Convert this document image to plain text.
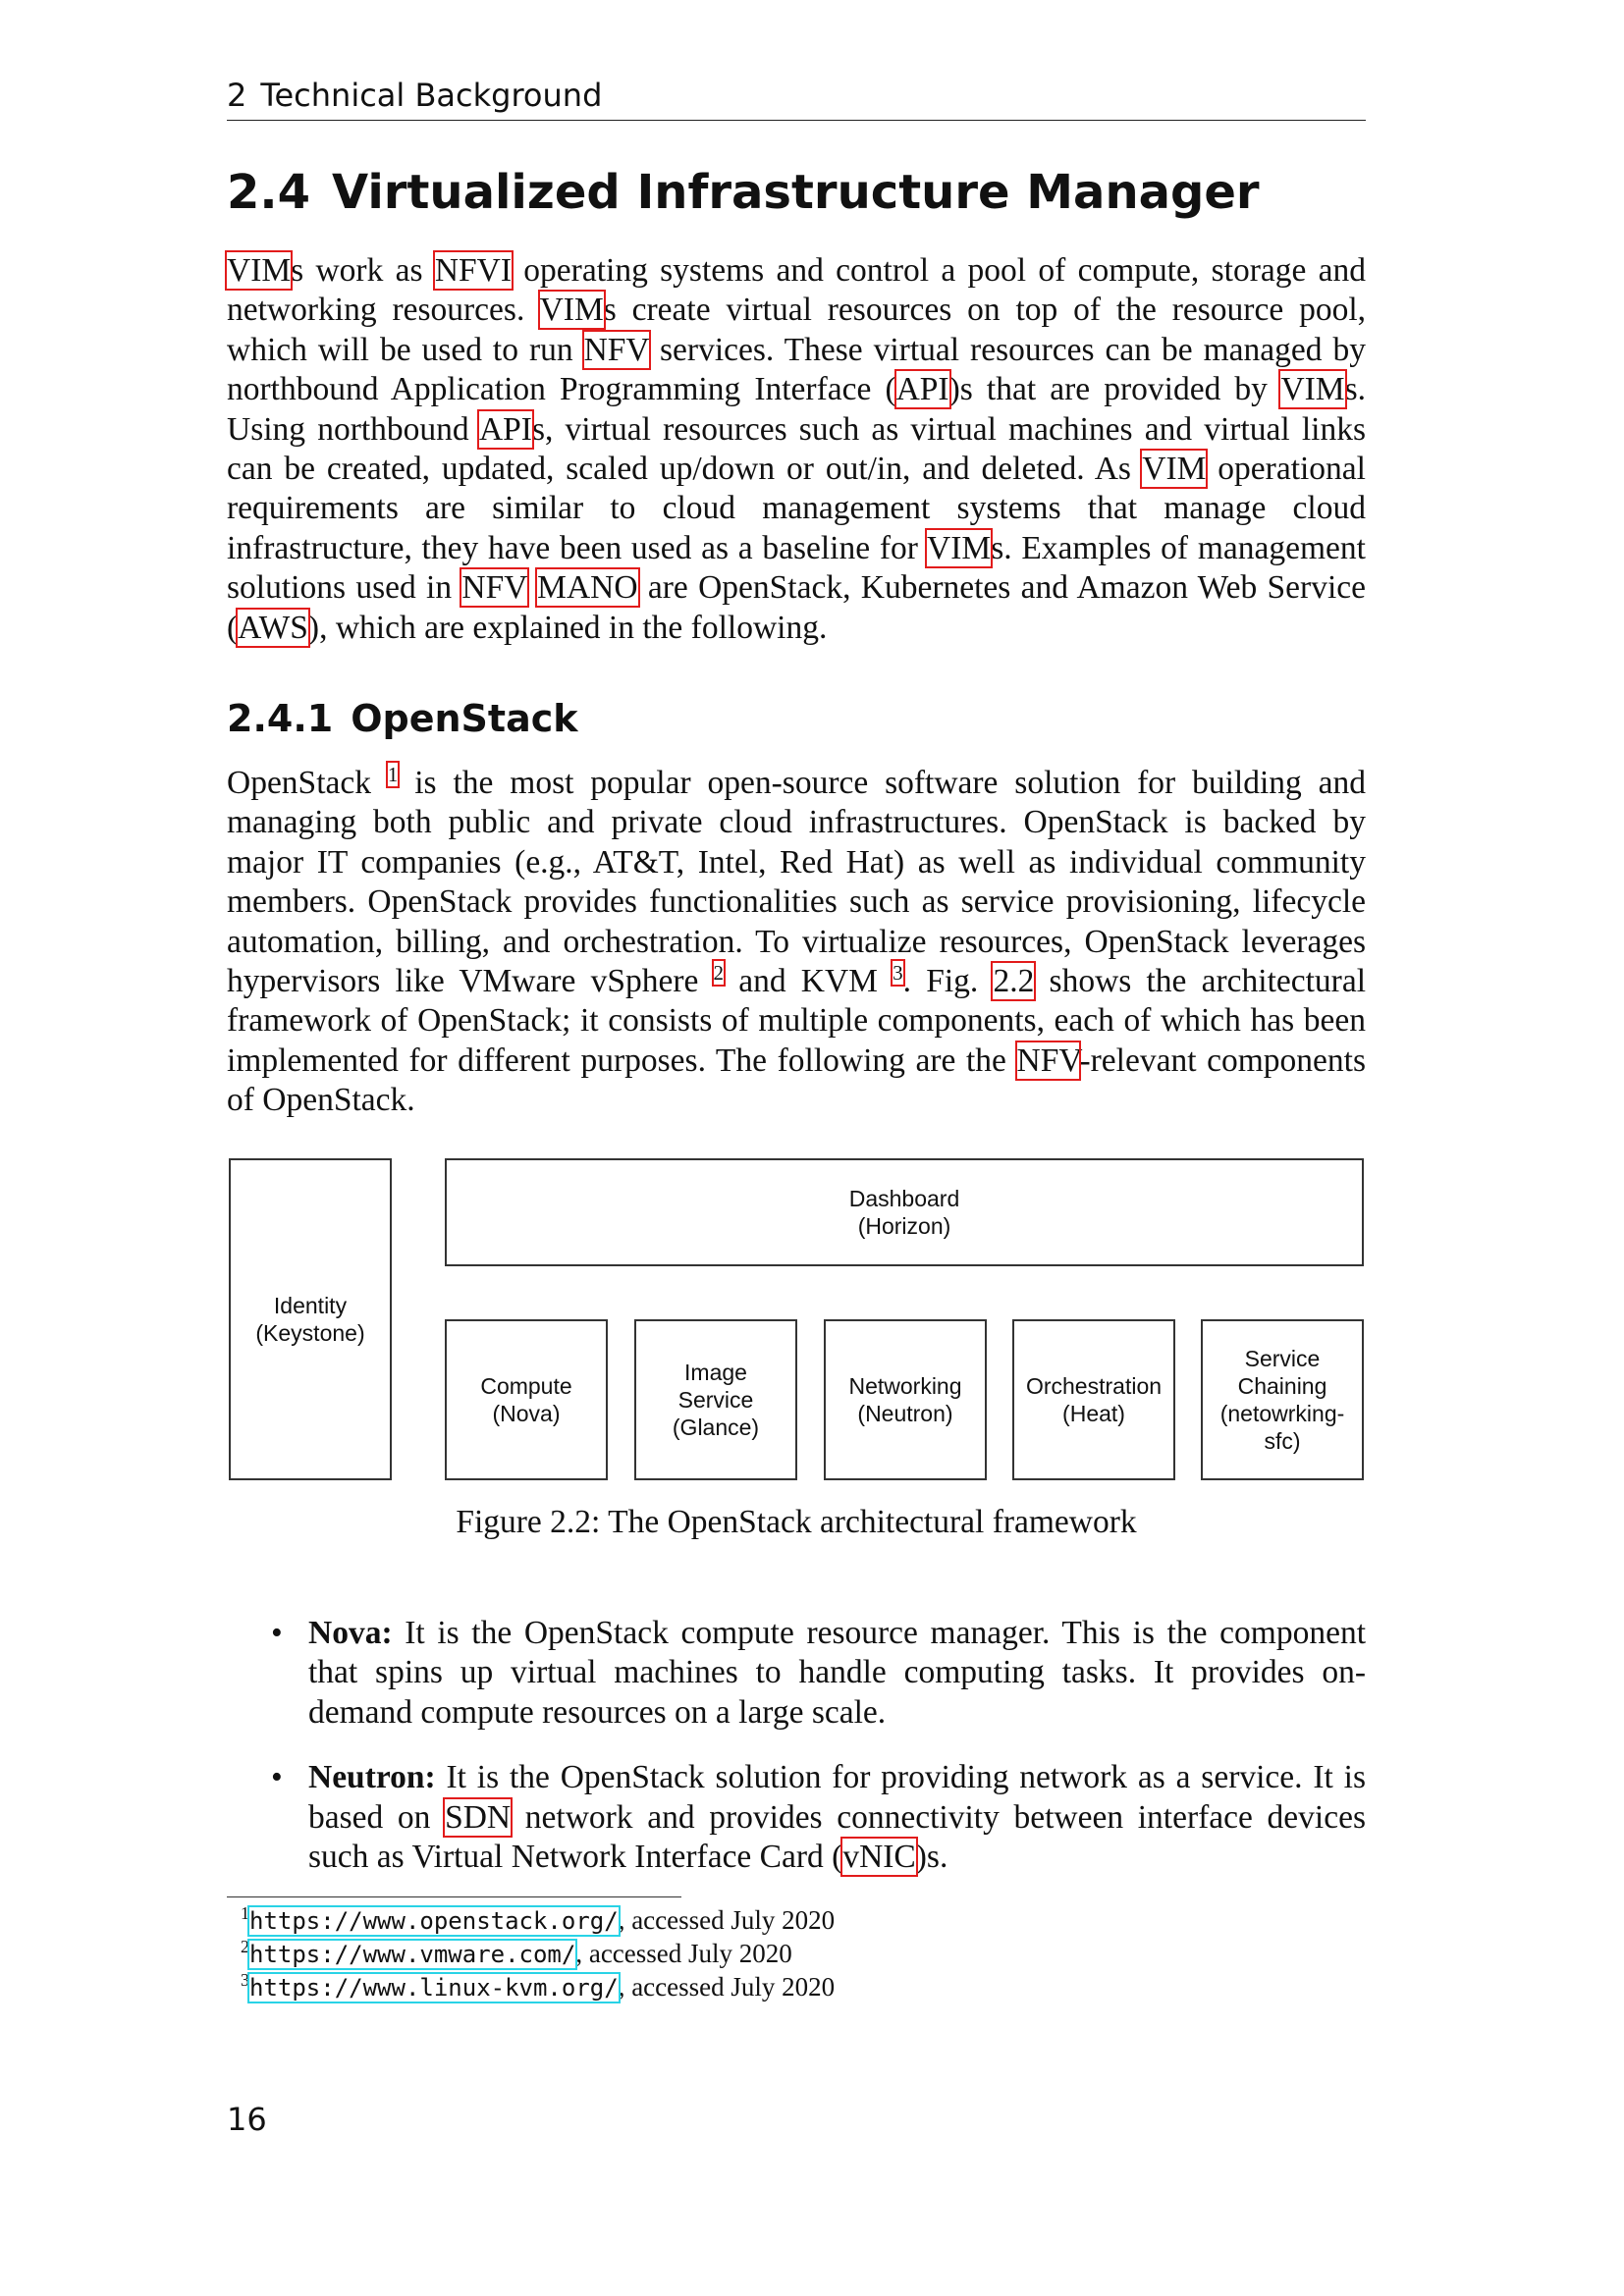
2 Technical Background
2.4 Virtualized Infrastructure Manager

VIMs work as NFVI operating systems and control a pool of compute, storage and networking resources. VIMs create virtual resources on top of the resource pool, which will be used to run NFV services. These virtual resources can be managed by northbound Application Programming Interface (API)s that are provided by VIMs. Using northbound APIs, virtual resources such as virtual machines and virtual links can be created, updated, scaled up/down or out/in, and deleted. As VIM operational requirements are similar to cloud management systems that manage cloud infrastructure, they have been used as a baseline for VIMs. Examples of management solutions used in NFV MANO are OpenStack, Kubernetes and Amazon Web Service (AWS), which are explained in the following.

2.4.1 OpenStack

OpenStack $^1$ is the most popular open-source software solution for building and managing both public and private cloud infrastructures. OpenStack is backed by major IT companies (e.g., AT&T, Intel, Red Hat) as well as individual community members. OpenStack provides functionalities such as service provisioning, lifecycle automation, billing, and orchestration. To virtualize resources, OpenStack leverages hypervisors like VMware vSphere $^2$ and KVM $^3$. Fig. 2.2 shows the architectural framework of OpenStack; it consists of multiple components, each of which has been implemented for different purposes. The following are the NFV-relevant components of OpenStack.

Identity
(Keystone)
Dashboard
(Horizon)
Compute
(Nova)
Image
Service
(Glance)
Networking
(Neutron)
Orchestration
(Heat)
Service
Chaining
(netowrking-
sfc)
Figure 2.2: The OpenStack architectural framework
• Nova: It is the OpenStack compute resource manager. This is the component that spins up virtual machines to handle computing tasks. It provides on-demand compute resources on a large scale.
• Neutron: It is the OpenStack solution for providing network as a service. It is based on SDN network and provides connectivity between interface devices such as Virtual Network Interface Card (vNIC)s.
$^1$https://www.openstack.org/, accessed July 2020
$^2$https://www.vmware.com/, accessed July 2020
$^3$https://www.linux-kvm.org/, accessed July 2020
16
